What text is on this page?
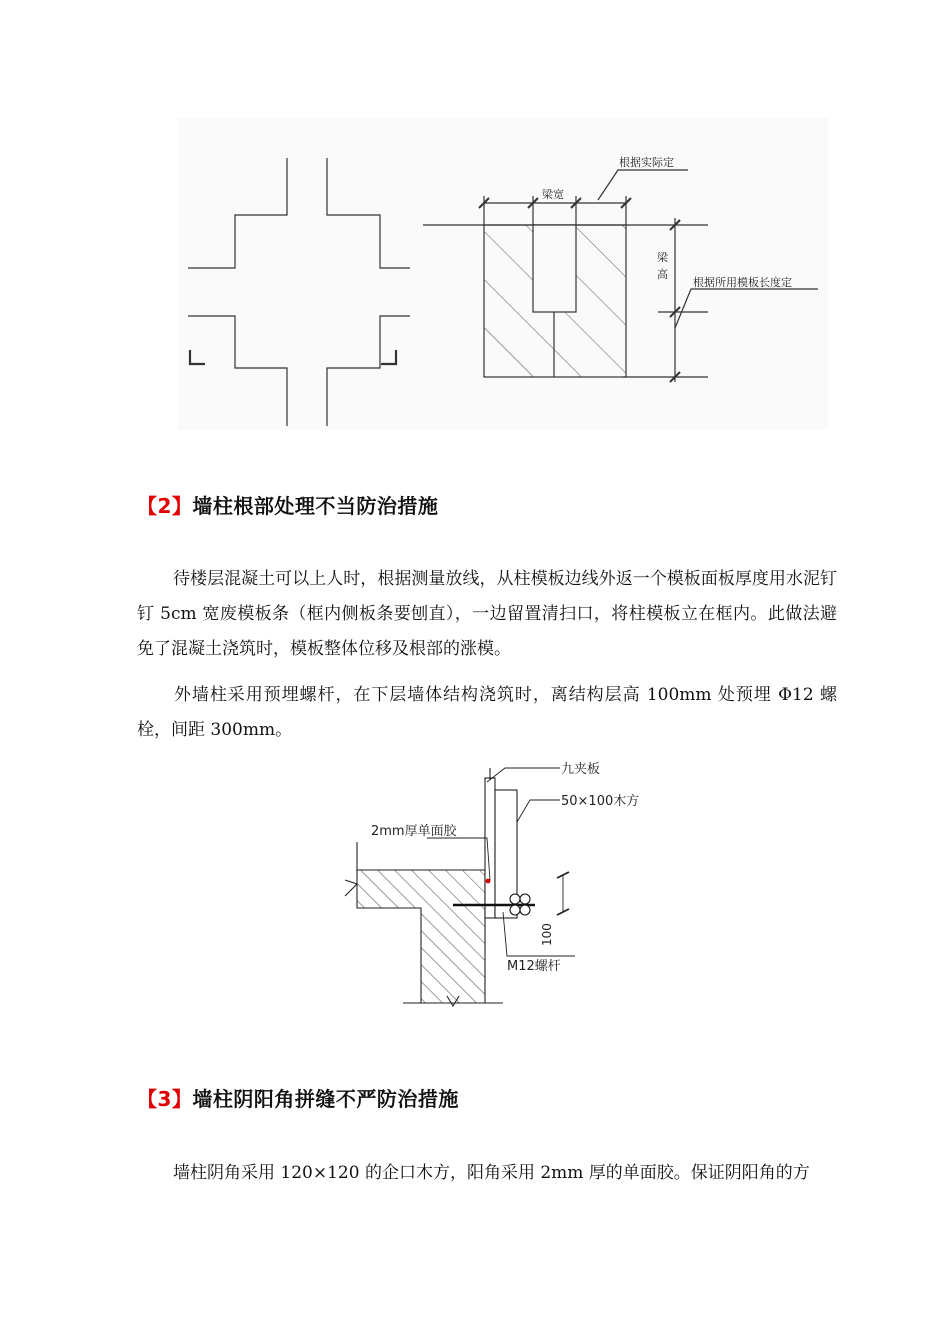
根据实际定
梁宽
梁
高
根据所用模板长度定
【2】墙柱根部处理不当防治措施
待楼层混凝土可以上人时，根据测量放线，从柱模板边线外返一个模板面板厚度用水泥钉钉 5cm 宽废模板条（框内侧板条要刨直），一边留置清扫口，将柱模板立在框内。此做法避免了混凝土浇筑时，模板整体位移及根部的涨模。
外墙柱采用预埋螺杆，在下层墙体结构浇筑时，离结构层高 100mm 处预埋 Φ12 螺栓，间距 300mm。
九夹板
50×100木方
2mm厚单面胶
M12螺杆
100
【3】墙柱阴阳角拼缝不严防治措施
墙柱阴角采用 120×120 的企口木方，阳角采用 2mm 厚的单面胶。保证阴阳角的方
